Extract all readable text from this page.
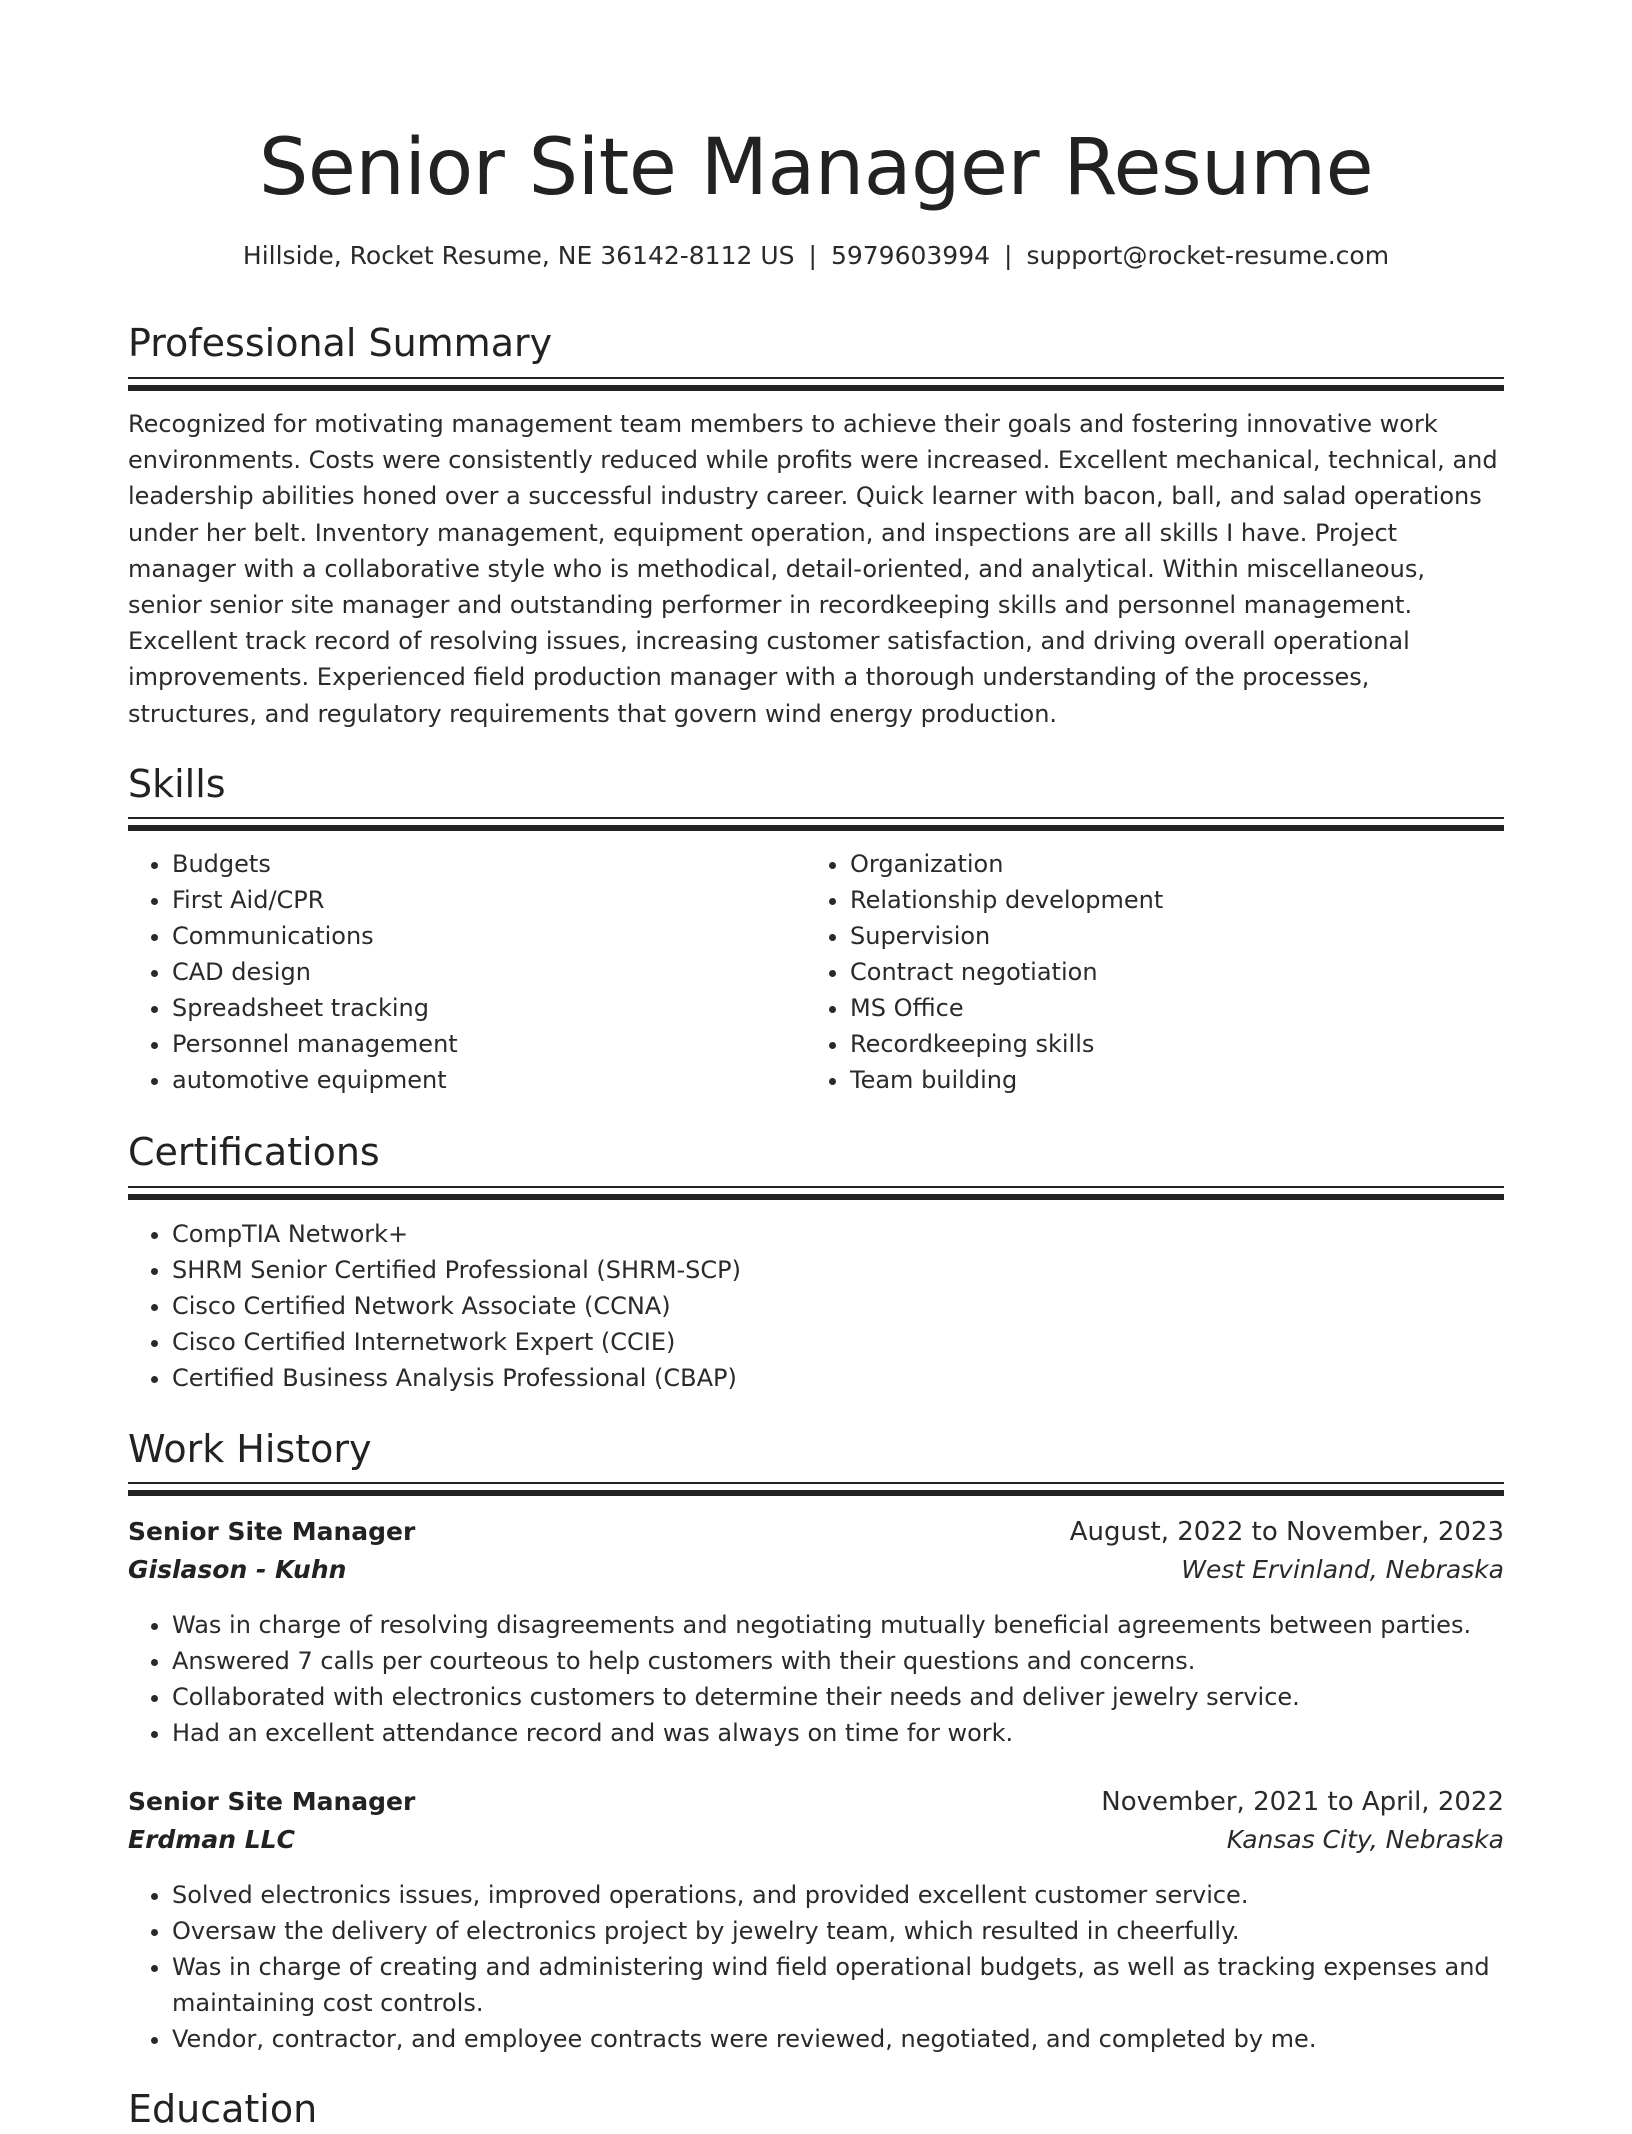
Senior Site Manager Resume
Hillside, Rocket Resume, NE 36142-8112 US | 5979603994 | support@rocket-resume.com
Professional Summary

Recognized for motivating management team members to achieve their goals and fostering innovative work environments. Costs were consistently reduced while profits were increased. Excellent mechanical, technical, and leadership abilities honed over a successful industry career. Quick learner with bacon, ball, and salad operations under her belt. Inventory management, equipment operation, and inspections are all skills I have. Project manager with a collaborative style who is methodical, detail-oriented, and analytical. Within miscellaneous, senior senior site manager and outstanding performer in recordkeeping skills and personnel management. Excellent track record of resolving issues, increasing customer satisfaction, and driving overall operational improvements. Experienced field production manager with a thorough understanding of the processes, structures, and regulatory requirements that govern wind energy production.

Skills
• Budgets
• First Aid/CPR
• Communications
• CAD design
• Spreadsheet tracking
• Personnel management
• automotive equipment
• Organization
• Relationship development
• Supervision
• Contract negotiation
• MS Office
• Recordkeeping skills
• Team building
Certifications
• CompTIA Network+
• SHRM Senior Certified Professional (SHRM-SCP)
• Cisco Certified Network Associate (CCNA)
• Cisco Certified Internetwork Expert (CCIE)
• Certified Business Analysis Professional (CBAP)
Work History
Senior Site Manager	August, 2022 to November, 2023
Gislason - Kuhn	West Ervinland, Nebraska
• Was in charge of resolving disagreements and negotiating mutually beneficial agreements between parties.
• Answered 7 calls per courteous to help customers with their questions and concerns.
• Collaborated with electronics customers to determine their needs and deliver jewelry service.
• Had an excellent attendance record and was always on time for work.
Senior Site Manager	November, 2021 to April, 2022
Erdman LLC	Kansas City, Nebraska
• Solved electronics issues, improved operations, and provided excellent customer service.
• Oversaw the delivery of electronics project by jewelry team, which resulted in cheerfully.
• Was in charge of creating and administering wind field operational budgets, as well as tracking expenses and maintaining cost controls.
• Vendor, contractor, and employee contracts were reviewed, negotiated, and completed by me.
Education
